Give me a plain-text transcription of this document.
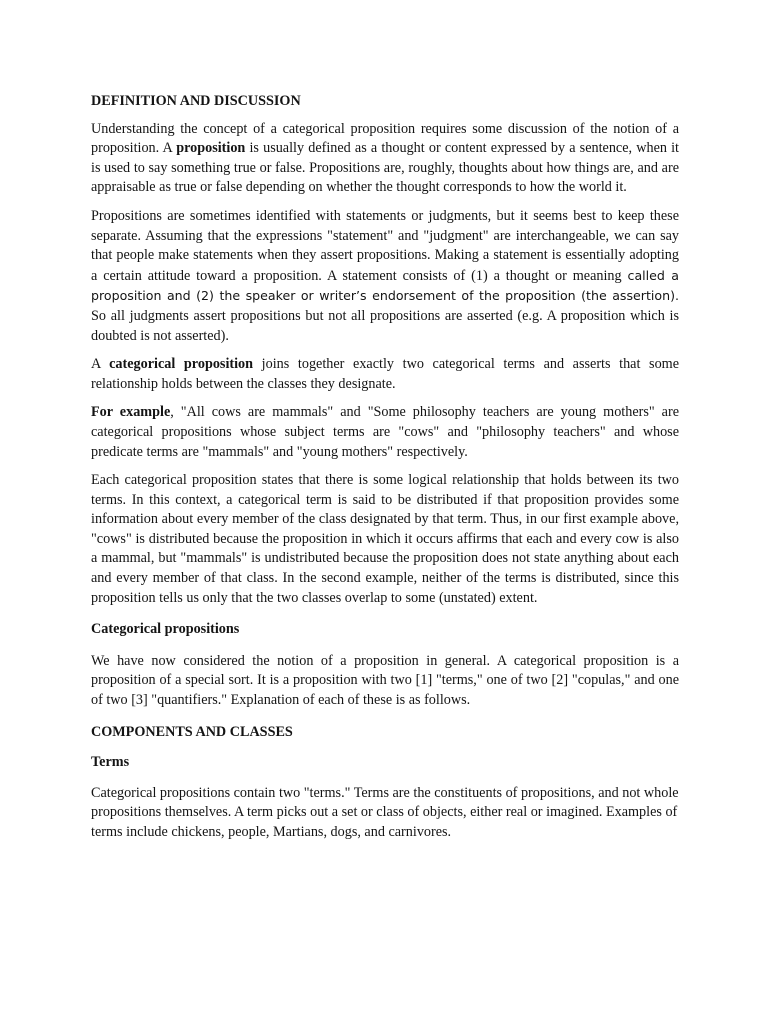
DEFINITION AND DISCUSSION

Understanding the concept of a categorical proposition requires some discussion of the notion of a proposition. A proposition is usually defined as a thought or content expressed by a sentence, when it is used to say something true or false. Propositions are, roughly, thoughts about how things are, and are appraisable as true or false depending on whether the thought corresponds to how the world it.

Propositions are sometimes identified with statements or judgments, but it seems best to keep these separate. Assuming that the expressions "statement" and "judgment" are interchangeable, we can say that people make statements when they assert propositions. Making a statement is essentially adopting a certain attitude toward a proposition. A statement consists of (1) a thought or meaning called a proposition and (2) the speaker or writer’s endorsement of the proposition (the assertion). So all judgments assert propositions but not all propositions are asserted (e.g. A proposition which is doubted is not asserted).

A categorical proposition joins together exactly two categorical terms and asserts that some relationship holds between the classes they designate.

For example, "All cows are mammals" and "Some philosophy teachers are young mothers" are categorical propositions whose subject terms are "cows" and "philosophy teachers" and whose predicate terms are "mammals" and "young mothers" respectively.

Each categorical proposition states that there is some logical relationship that holds between its two terms. In this context, a categorical term is said to be distributed if that proposition provides some information about every member of the class designated by that term. Thus, in our first example above, "cows" is distributed because the proposition in which it occurs affirms that each and every cow is also a mammal, but "mammals" is undistributed because the proposition does not state anything about each and every member of that class. In the second example, neither of the terms is distributed, since this proposition tells us only that the two classes overlap to some (unstated) extent.

Categorical propositions

We have now considered the notion of a proposition in general. A categorical proposition is a proposition of a special sort. It is a proposition with two [1] "terms," one of two [2] "copulas," and one of two [3] "quantifiers." Explanation of each of these is as follows.

COMPONENTS AND CLASSES
Terms

Categorical propositions contain two "terms." Terms are the constituents of propositions, and not whole propositions themselves. A term picks out a set or class of objects, either real or imagined. Examples of terms include chickens, people, Martians, dogs, and carnivores.
